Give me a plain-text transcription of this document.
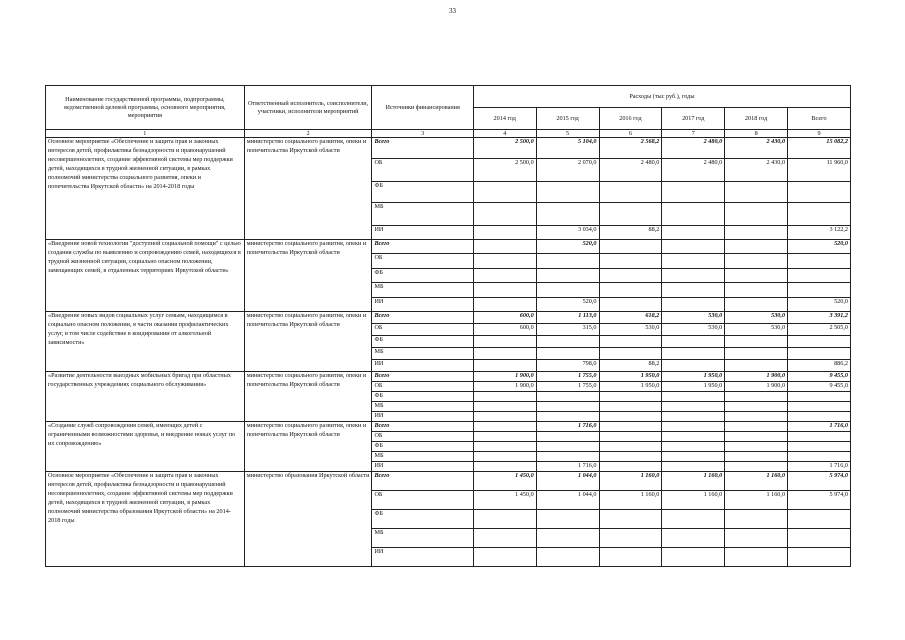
33
Наименование государственной программы, подпрограммы, ведомственной целевой программы, основного мероприятия, мероприятия	Ответственный исполнитель, соисполнители, участники, исполнители мероприятий	Источники финансирования	Расходы (тыс руб.), годы					
			2014 год	2015 год	2016 год	2017 год	2018 год	Всего
1	2	3	4	5	6	7	8	9
Основное мероприятие «Обеспечение и защита прав и законных интересов детей, профилактика безнадзорности и правонарушений несовершеннолетних, создание эффективной системы мер поддержки детей, находящихся в трудной жизненной ситуации, в рамках полномочий министерства социального развития, опеки и попечительства Иркутской области» на 2014-2018 годы	министерство социального развития, опеки и попечительства Иркутской области	Всего	2 500,0	5 104,0	2 568,2	2 480,0	2 430,0	15 082,2
		ОБ	2 500,0	2 070,0	2 480,0	2 480,0	2 430,0	11 960,0
		ФБ						
		МБ						
		ИИ		3 034,0	88,2			3 122,2
«Внедрение новой технологии "доступной социальной помощи" с целью создания службы по выявлению и сопровождению семей, находящихся в трудной жизненной ситуации, социально опасном положении, замещающих семей, в отдаленных территориях Иркутской области»	министерство социального развития, опеки и попечительства Иркутской области	Всего		520,0				520,0
		ОБ						
		ФБ						
		МБ						
		ИИ		520,0				520,0
«Внедрение новых видов социальных услуг семьям, находящимся в социально опасном положении, в части оказания профилактических услуг, в том числе содействие в коидировании от алкогольной зависимости»	министерство социального развития, опеки и попечительства Иркутской области	Всего	600,0	1 113,0	618,2	530,0	530,0	3 391,2
		ОБ	600,0	315,0	530,0	530,0	530,0	2 505,0
		ФБ						
		МБ						
		ИИ		798,0	88,2			886,2
«Развитие деятельности выездных мобильных бригад при областных государственных учреждениях социального обслуживания»	министерство социального развития, опеки и попечительства Иркутской области	Всего	1 900,0	1 755,0	1 950,0	1 950,0	1 900,0	9 455,0
		ОБ	1 900,0	1 755,0	1 950,0	1 950,0	1 900,0	9 455,0
		ФБ						
		МБ						
		ИИ						
«Создание служб сопровождения семей, имеющих детей с ограниченными возможностями здоровья, и внедрение новых услуг по их сопровождению»	министерство социального развития, опеки и попечительства Иркутской области	Всего		1 716,0				1 716,0
		ОБ						
		ФБ						
		МБ						
		ИИ		1 716,0				1 716,0
Основное мероприятие «Обеспечение и защита прав и законных интересов детей, профилактика безнадзорности и правонарушений несовершеннолетних, создание эффективной системы мер поддержки детей, находящихся в трудной жизненной ситуации, в рамках полномочий министерства образования Иркутской области» на 2014-2018 годы	министерство образования Иркутской области	Всего	1 450,0	1 044,0	1 160,0	1 160,0	1 160,0	5 974,0
		ОБ	1 450,0	1 044,0	1 160,0	1 160,0	1 160,0	5 974,0
		ФБ						
		МБ						
		ИИ						
